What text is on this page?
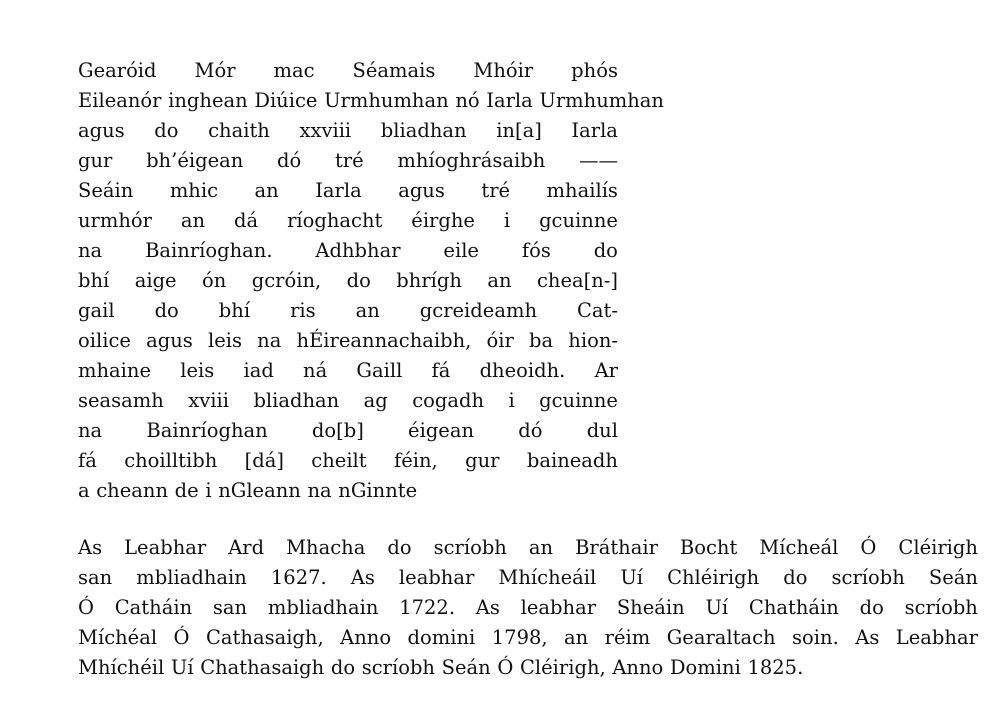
Gearóid Mór mac Séamais Mhóir phós
Eileanór inghean Diúice Urmhumhan nó Iarla Urmhumhan
agus do chaith xxviii bliadhan in[a] Iarla
gur bh’éigean dó tré mhíoghrásaibh ——
Seáin mhic an Iarla agus tré mhailís
urmhór an dá ríoghacht éirghe i gcuinne
na Bainríoghan. Adhbhar eile fós do
bhí aige ón gcróin, do bhrígh an chea[n-]
gail do bhí ris an gcreideamh Cat-
oilice agus leis na hÉireannachaibh, óir ba hion-
mhaine leis iad ná Gaill fá dheoidh. Ar
seasamh xviii bliadhan ag cogadh i gcuinne
na Bainríoghan do[b] éigean dó dul
fá choilltibh [dá] cheilt féin, gur baineadh
a cheann de i nGleann na nGinnte
As Leabhar Ard Mhacha do scríobh an Bráthair Bocht Mícheál Ó Cléirigh
san mbliadhain 1627. As leabhar Mhícheáil Uí Chléirigh do scríobh Seán
Ó Catháin san mbliadhain 1722. As leabhar Sheáin Uí Chatháin do scríobh
Míchéal Ó Cathasaigh, Anno domini 1798, an réim Gearaltach soin. As Leabhar
Mhíchéil Uí Chathasaigh do scríobh Seán Ó Cléirigh, Anno Domini 1825.
